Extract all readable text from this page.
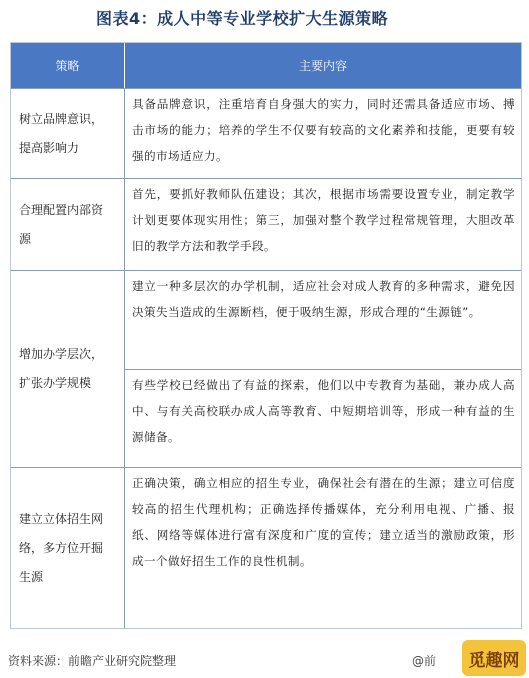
图表4：成人中等专业学校扩大生源策略
策略	主要内容
树立品牌意识，提高影响力
具备品牌意识，注重培育自身强大的实力，同时还需具备适应市场、搏击市场的能力；培养的学生不仅要有较高的文化素养和技能，更要有较强的市场适应力。
合理配置内部资源
首先，要抓好教师队伍建设；其次，根据市场需要设置专业，制定教学计划更要体现实用性；第三，加强对整个教学过程常规管理，大胆改革旧的教学方法和教学手段。
增加办学层次，扩张办学规模
建立一种多层次的办学机制，适应社会对成人教育的多种需求，避免因决策失当造成的生源断档，便于吸纳生源，形成合理的“生源链”。
有些学校已经做出了有益的探索，他们以中专教育为基础，兼办成人高中、与有关高校联办成人高等教育、中短期培训等，形成一种有益的生源储备。
建立立体招生网络，多方位开掘生源
正确决策，确立相应的招生专业，确保社会有潜在的生源；建立可信度较高的招生代理机构；正确选择传播媒体，充分利用电视、广播、报纸、网络等媒体进行富有深度和广度的宣传；建立适当的激励政策，形成一个做好招生工作的良性机制。
资料来源：前瞻产业研究院整理	@前 觅趣网
